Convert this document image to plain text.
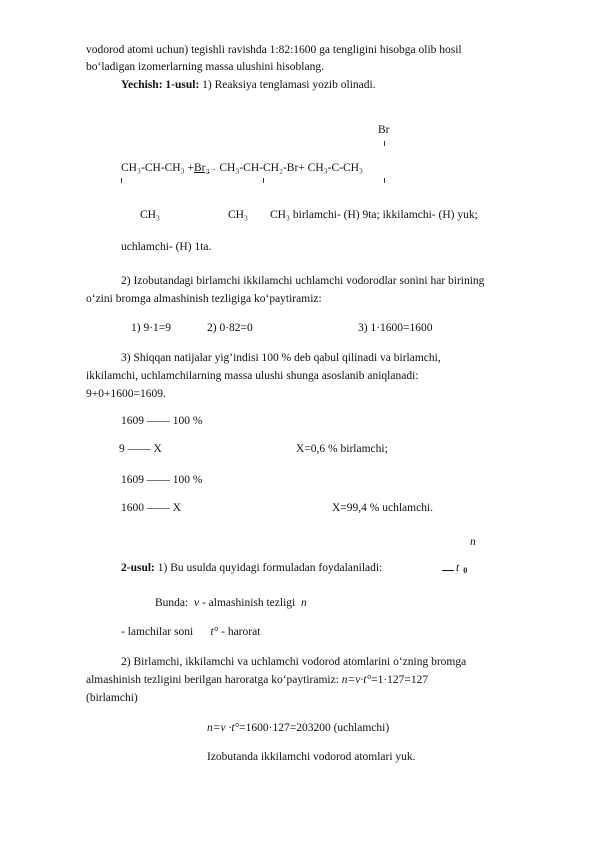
vodorod atomi uchun) tegishli ravishda 1:82:1600 ga tengligini hisobga olib hosil
bo‘ladigan izomerlarning massa ulushini hisoblang.
Yechish: 1-usul: 1) Reaksiya tenglamasi yozib olinadi.
Br
CH₃-CH-CH₃ +Br₂→ CH₃-CH-CH₂-Br+ CH₃-C-CH₃
CH₃	CH₃ CH₃ birlamchi- (H) 9ta; ikkilamchi- (H) yuk;
uchlamchi- (H) 1ta.
2) Izobutandagi birlamchi ikkilamchi uchlamchi vodorodlar sonini har birining
o‘zini bromga almashinish tezligiga ko‘paytiramiz:
1) 9·1=9	2) 0·82=0	3) 1·1600=1600
3) Shiqqan natijalar yig’indisi 100 % deb qabul qilinadi va birlamchi,
ikkilamchi, uchlamchilarning massa ulushi shunga asoslanib aniqlanadi:
9+0+1600=1609.
1609 —— 100 %
9 —— X	X=0,6 % birlamchi;
1609 —— 100 %
1600 —— X	X=99,4 % uchlamchi.
n
2-usul: 1) Bu usulda quyidagi formuladan foydalaniladi:	t 0
Bunda: v - almashinish tezligi n
- lamchilar soni t° - harorat
2) Birlamchi, ikkilamchi va uchlamchi vodorod atomlarini o‘zning bromga
almashinish tezligini berilgan haroratga ko‘paytiramiz: n=v·t°=1·127=127
(birlamchi)
n=v ·t°=1600·127=203200 (uchlamchi)
Izobutanda ikkilamchi vodorod atomlari yuk.
